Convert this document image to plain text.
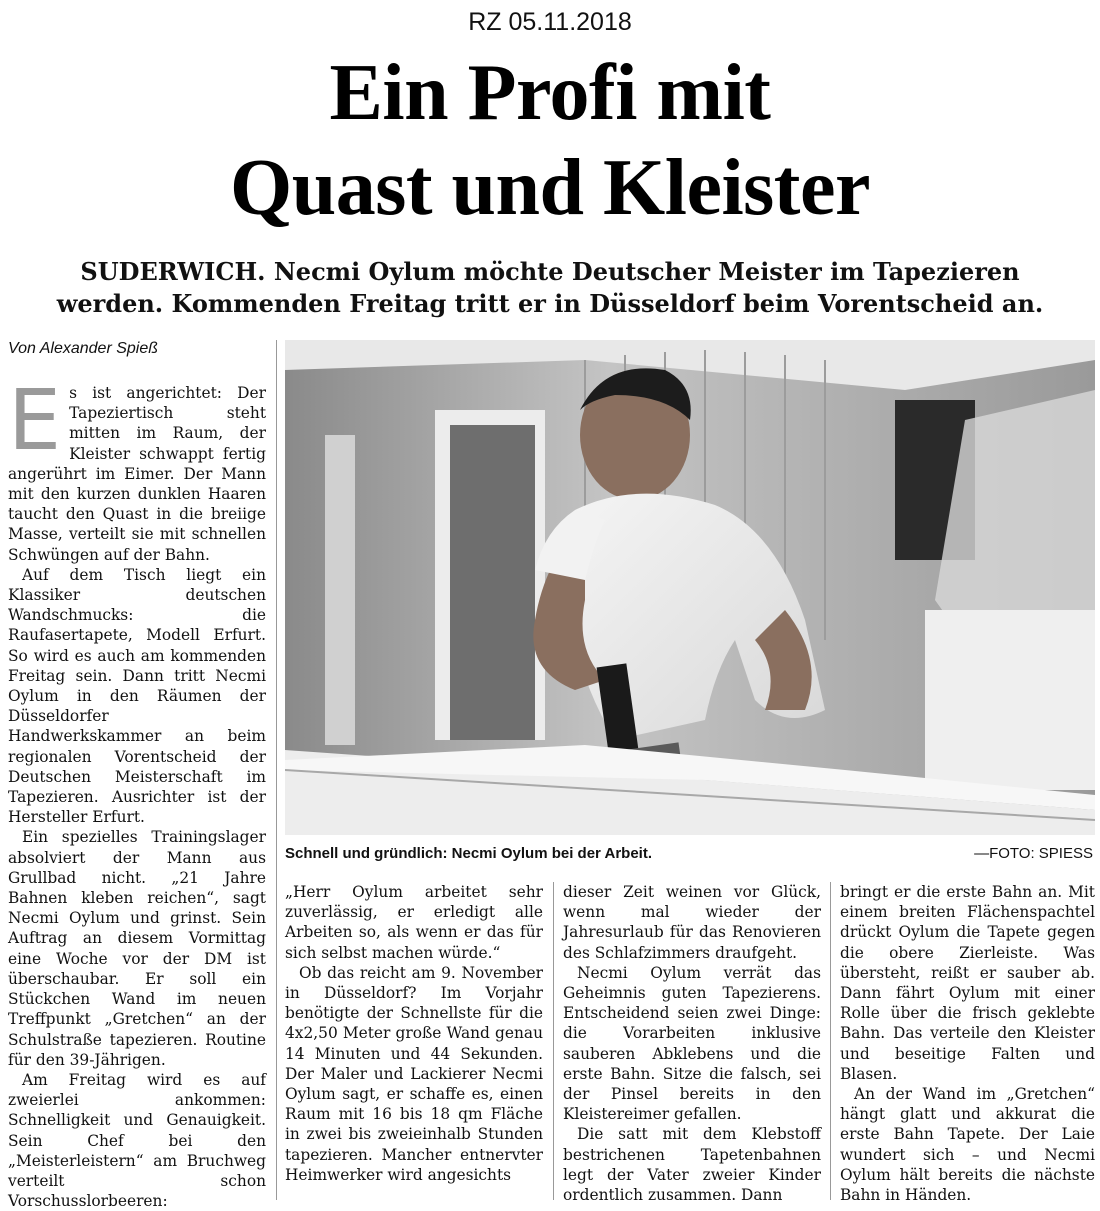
RZ 05.11.2018
Ein Profi mit
Quast und Kleister
SUDERWICH. Necmi Oylum möchte Deutscher Meister im Tapezieren
werden. Kommenden Freitag tritt er in Düsseldorf beim Vorentscheid an.
Von Alexander Spieß

Es ist angerichtet: Der Tapeziertisch steht mitten im Raum, der Kleister schwappt fertig angerührt im Eimer. Der Mann mit den kurzen dunklen Haaren taucht den Quast in die breiige Masse, verteilt sie mit schnellen Schwüngen auf der Bahn.

Auf dem Tisch liegt ein Klassiker deutschen Wandschmucks: die Raufasertapete, Modell Erfurt. So wird es auch am kommenden Freitag sein. Dann tritt Necmi Oylum in den Räumen der Düsseldorfer Handwerkskammer an beim regionalen Vorentscheid der Deutschen Meisterschaft im Tapezieren. Ausrichter ist der Hersteller Erfurt.

Ein spezielles Trainingslager absolviert der Mann aus Grullbad nicht. „21 Jahre Bahnen kleben reichen“, sagt Necmi Oylum und grinst. Sein Auftrag an diesem Vormittag eine Woche vor der DM ist überschaubar. Er soll ein Stückchen Wand im neuen Treffpunkt „Gretchen“ an der Schulstraße tapezieren. Routine für den 39-Jährigen.

Am Freitag wird es auf zweierlei ankommen: Schnelligkeit und Genauigkeit. Sein Chef bei den „Meisterleistern“ am Bruchweg verteilt schon Vorschusslorbeeren:

Schnell und gründlich: Necmi Oylum bei der Arbeit.	—FOTO: SPIESS

„Herr Oylum arbeitet sehr zuverlässig, er erledigt alle Arbeiten so, als wenn er das für sich selbst machen würde.“

Ob das reicht am 9. November in Düsseldorf? Im Vorjahr benötigte der Schnellste für die 4x2,50 Meter große Wand genau 14 Minuten und 44 Sekunden. Der Maler und Lackierer Necmi Oylum sagt, er schaffe es, einen Raum mit 16 bis 18 qm Fläche in zwei bis zweieinhalb Stunden tapezieren. Mancher entnervter Heimwerker wird angesichts

dieser Zeit weinen vor Glück, wenn mal wieder der Jahresurlaub für das Renovieren des Schlafzimmers draufgeht.

Necmi Oylum verrät das Geheimnis guten Tapezierens. Entscheidend seien zwei Dinge: die Vorarbeiten inklusive sauberen Abklebens und die erste Bahn. Sitze die falsch, sei der Pinsel bereits in den Kleistereimer gefallen.

Die satt mit dem Klebstoff bestrichenen Tapetenbahnen legt der Vater zweier Kinder ordentlich zusammen. Dann

bringt er die erste Bahn an. Mit einem breiten Flächenspachtel drückt Oylum die Tapete gegen die obere Zierleiste. Was übersteht, reißt er sauber ab. Dann fährt Oylum mit einer Rolle über die frisch geklebte Bahn. Das verteile den Kleister und beseitige Falten und Blasen.

An der Wand im „Gretchen“ hängt glatt und akkurat die erste Bahn Tapete. Der Laie wundert sich – und Necmi Oylum hält bereits die nächste Bahn in Händen.
